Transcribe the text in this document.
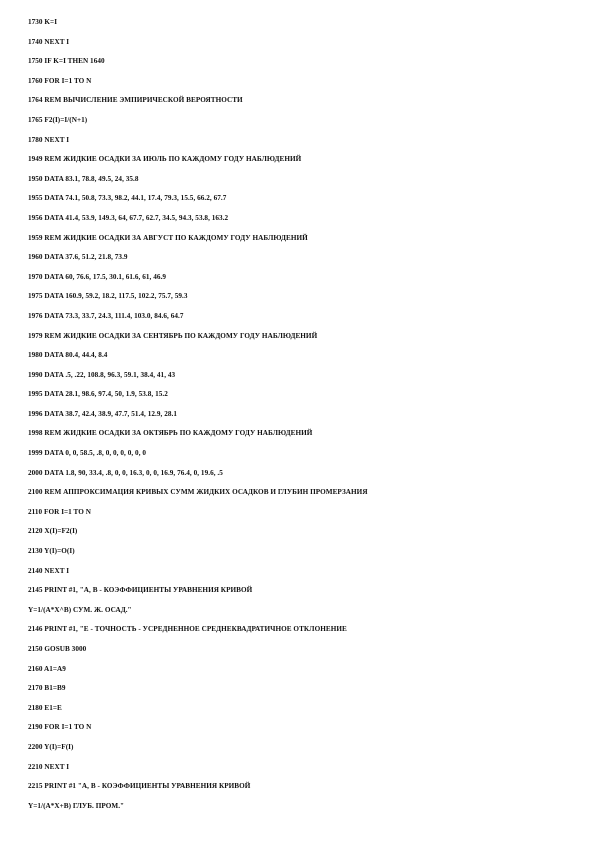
1730 K=I
1740 NEXT I
1750 IF K=I THEN 1640
1760 FOR I=1 TO N
1764 REM ВЫЧИСЛЕНИЕ ЭМПИРИЧЕСКОЙ ВЕРОЯТНОСТИ
1765 F2(I)=I/(N+1)
1780 NEXT I
1949 REM ЖИДКИЕ ОСАДКИ ЗА ИЮЛЬ ПО КАЖДОМУ ГОДУ НАБЛЮДЕНИЙ
1950 DATA 83.1, 78.8, 49.5, 24, 35.8
1955 DATA 74.1, 50.8, 73.3, 98.2, 44.1, 17.4, 79.3, 15.5, 66.2, 67.7
1956 DATA 41.4, 53.9, 149.3, 64, 67.7, 62.7, 34.5, 94.3, 53.8, 163.2
1959 REM ЖИДКИЕ ОСАДКИ ЗА АВГУСТ ПО КАЖДОМУ ГОДУ НАБЛЮДЕНИЙ
1960 DATA 37.6, 51.2, 21.8, 73.9
1970 DATA 60, 76.6, 17.5, 30.1, 61.6, 61, 46.9
1975 DATA 160.9, 59.2, 18.2, 117.5, 102.2, 75.7, 59.3
1976 DATA 73.3, 33.7, 24.3, 111.4, 103.0, 84.6, 64.7
1979 REM ЖИДКИЕ ОСАДКИ ЗА СЕНТЯБРЬ ПО КАЖДОМУ ГОДУ НАБЛЮДЕНИЙ
1980 DATA 80.4, 44.4, 8.4
1990 DATA .5, .22, 108.8, 96.3, 59.1, 38.4, 41, 43
1995 DATA 28.1, 98.6, 97.4, 50, 1.9, 53.8, 15.2
1996 DATA 38.7, 42.4, 38.9, 47.7, 51.4, 12.9, 28.1
1998 REM ЖИДКИЕ ОСАДКИ ЗА ОКТЯБРЬ ПО КАЖДОМУ ГОДУ НАБЛЮДЕНИЙ
1999 DATA 0, 0, 58.5, .8, 0, 0, 0, 0, 0, 0
2000 DATA 1.8, 90, 33.4, .8, 0, 0, 16.3, 0, 0, 16.9, 76.4, 0, 19.6, .5
2100 REM АППРОКСИМАЦИЯ КРИВЫХ СУММ ЖИДКИХ ОСАДКОВ И ГЛУБИН ПРОМЕРЗАНИЯ
2110 FOR I=1 TO N
2120 X(I)=F2(I)
2130 Y(I)=O(I)
2140 NEXT I
2145 PRINT #1, "A, B - КОЭФФИЦИЕНТЫ УРАВНЕНИЯ КРИВОЙ
Y=1/(A*X^B) СУМ. Ж. ОСАД."
2146 PRINT #1, "E - ТОЧНОСТЬ - УСРЕДНЕННОЕ СРЕДНЕКВАДРАТИЧНОЕ ОТКЛОНЕНИЕ
2150 GOSUB 3000
2160 A1=A9
2170 B1=B9
2180 E1=E
2190 FOR I=1 TO N
2200 Y(I)=F(I)
2210 NEXT I
2215 PRINT #1 "A, B - КОЭФФИЦИЕНТЫ УРАВНЕНИЯ КРИВОЙ
Y=1/(A*X+B) ГЛУБ. ПРОМ."
